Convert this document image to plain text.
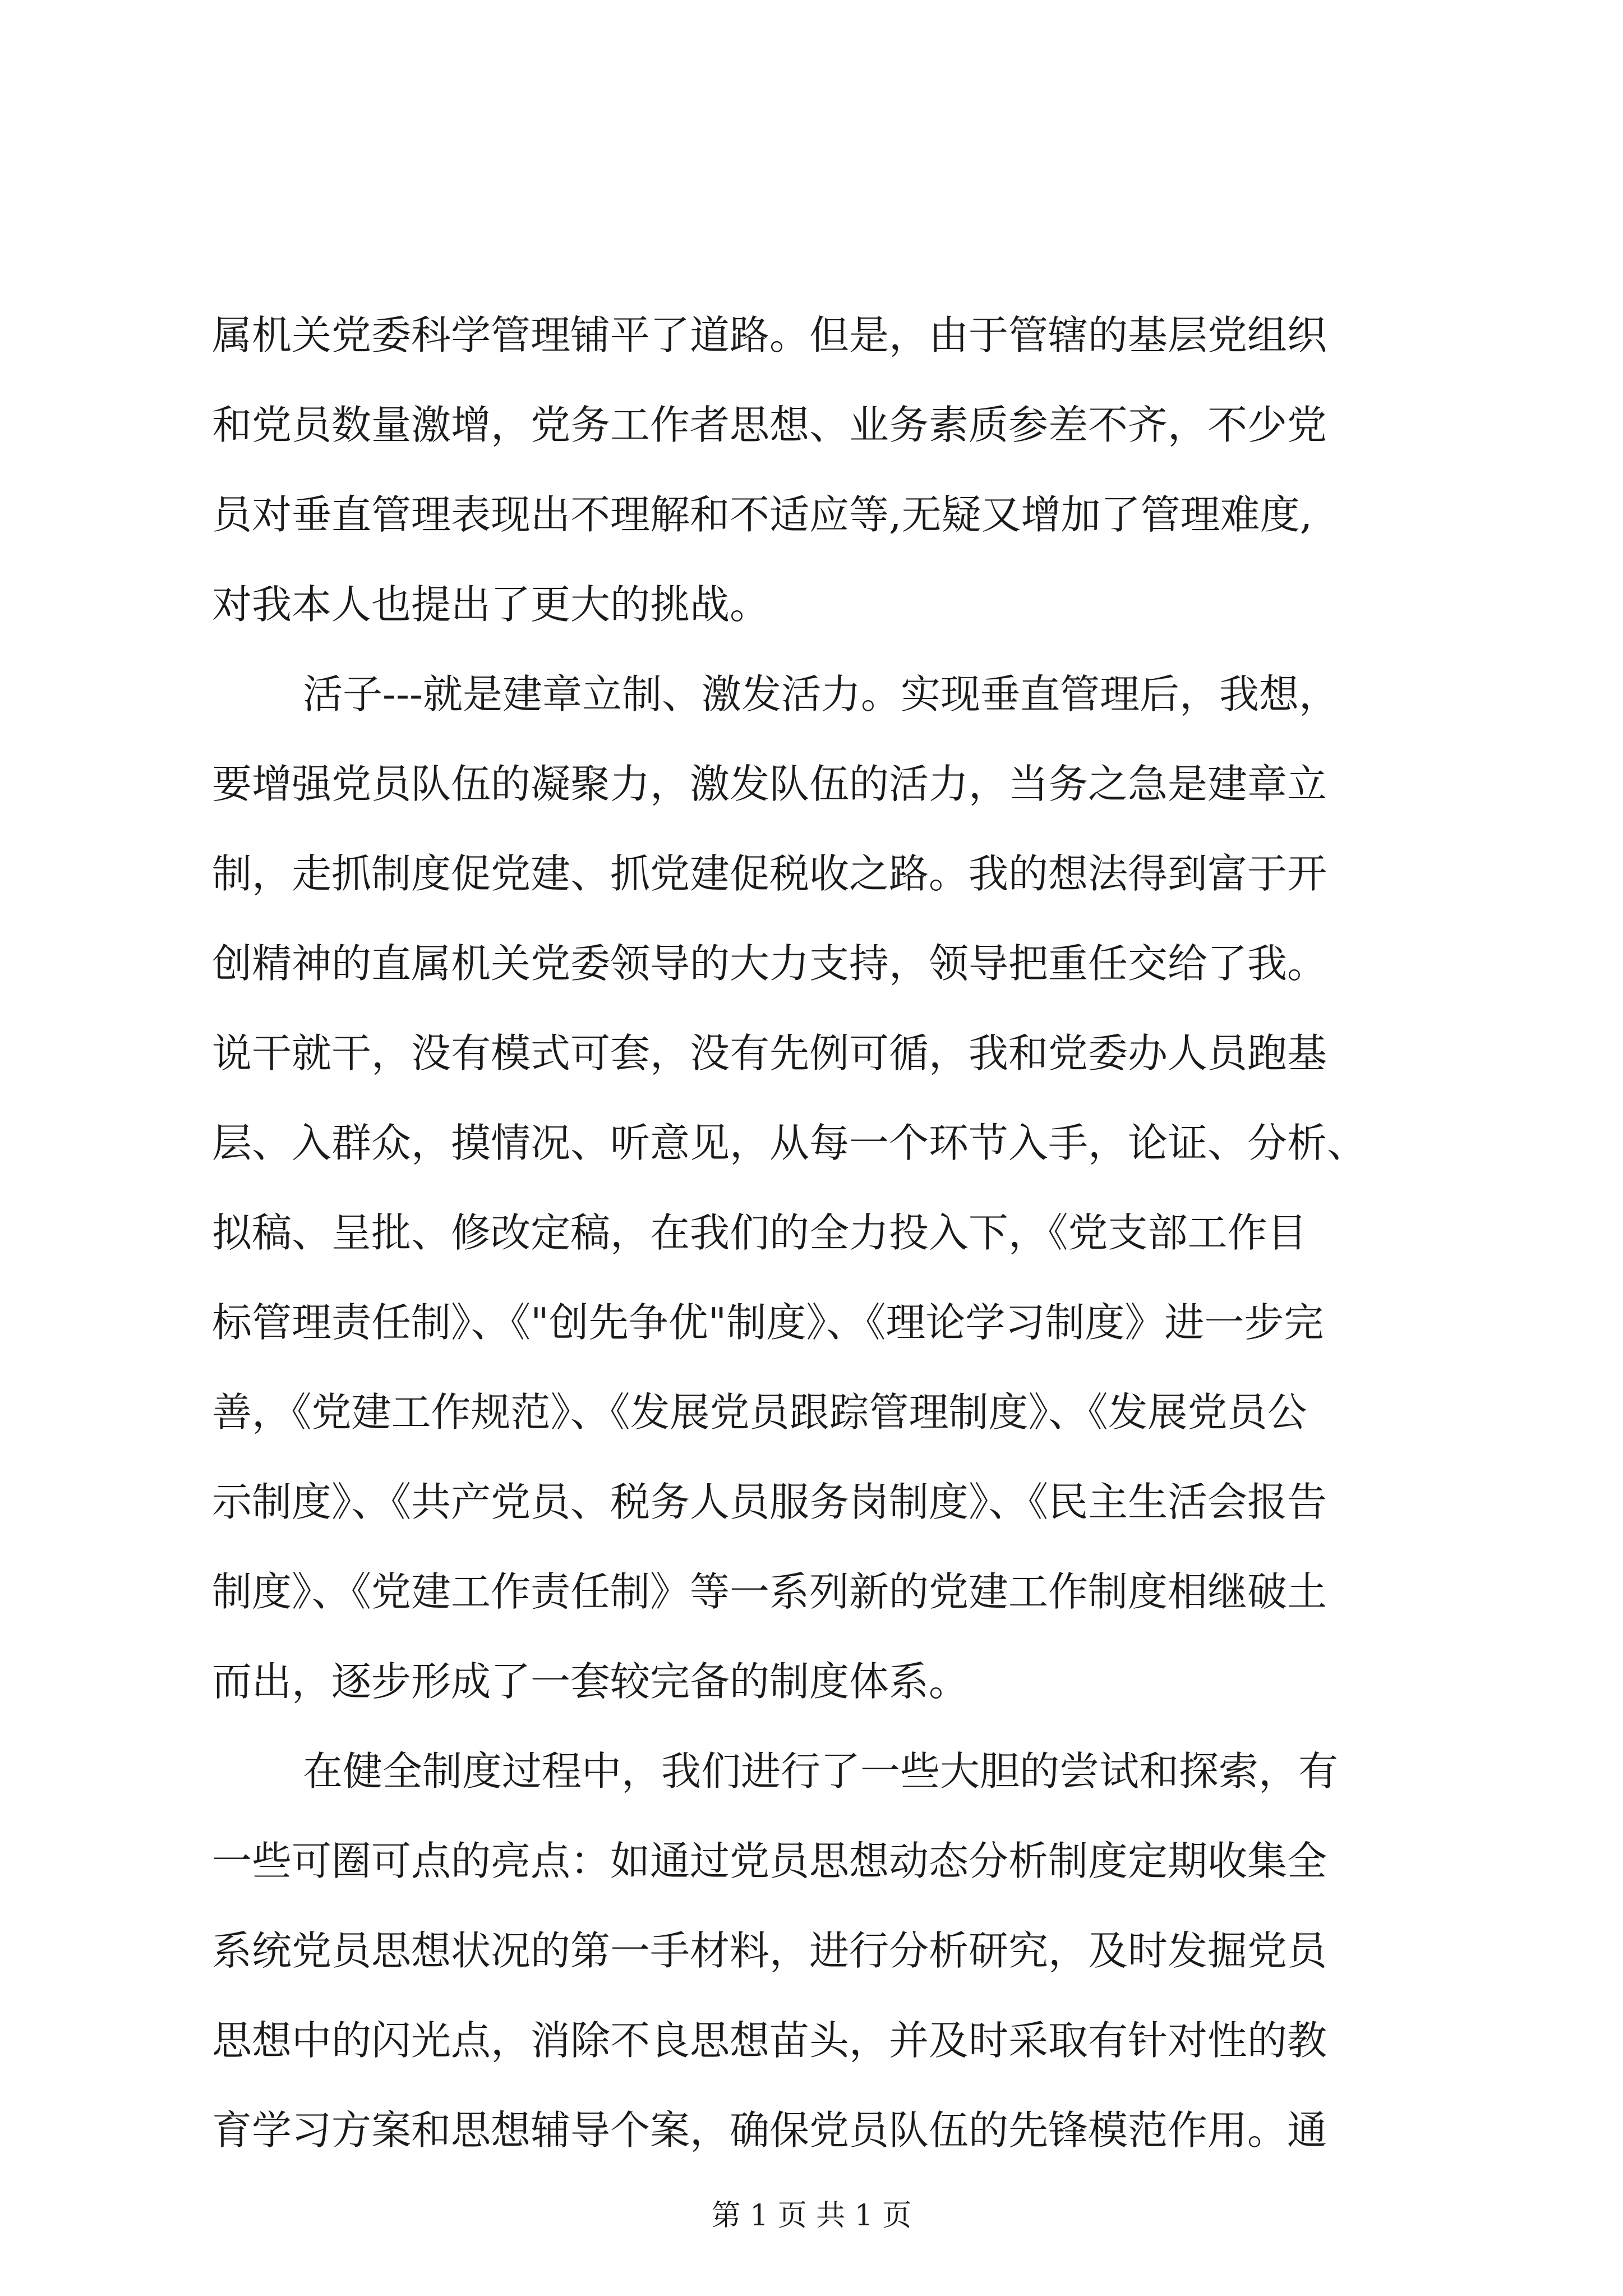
属机关党委科学管理铺平了道路。但是，由于管辖的基层党组织
和党员数量激增，党务工作者思想、业务素质参差不齐，不少党
员对垂直管理表现出不理解和不适应等,无疑又增加了管理难度,
对我本人也提出了更大的挑战。
活子---就是建章立制、激发活力。实现垂直管理后，我想，
要增强党员队伍的凝聚力，激发队伍的活力，当务之急是建章立
制，走抓制度促党建、抓党建促税收之路。我的想法得到富于开
创精神的直属机关党委领导的大力支持，领导把重任交给了我。
说干就干，没有模式可套，没有先例可循，我和党委办人员跑基
层、入群众，摸情况、听意见，从每一个环节入手，论证、分析、
拟稿、呈批、修改定稿，在我们的全力投入下，《党支部工作目
标管理责任制》、《"创先争优"制度》、《理论学习制度》进一步完
善，《党建工作规范》、《发展党员跟踪管理制度》、《发展党员公
示制度》、《共产党员、税务人员服务岗制度》、《民主生活会报告
制度》、《党建工作责任制》等一系列新的党建工作制度相继破土
而出，逐步形成了一套较完备的制度体系。
在健全制度过程中，我们进行了一些大胆的尝试和探索，有
一些可圈可点的亮点：如通过党员思想动态分析制度定期收集全
系统党员思想状况的第一手材料，进行分析研究，及时发掘党员
思想中的闪光点，消除不良思想苗头，并及时采取有针对性的教
育学习方案和思想辅导个案，确保党员队伍的先锋模范作用。通
第 1 页 共 1 页
